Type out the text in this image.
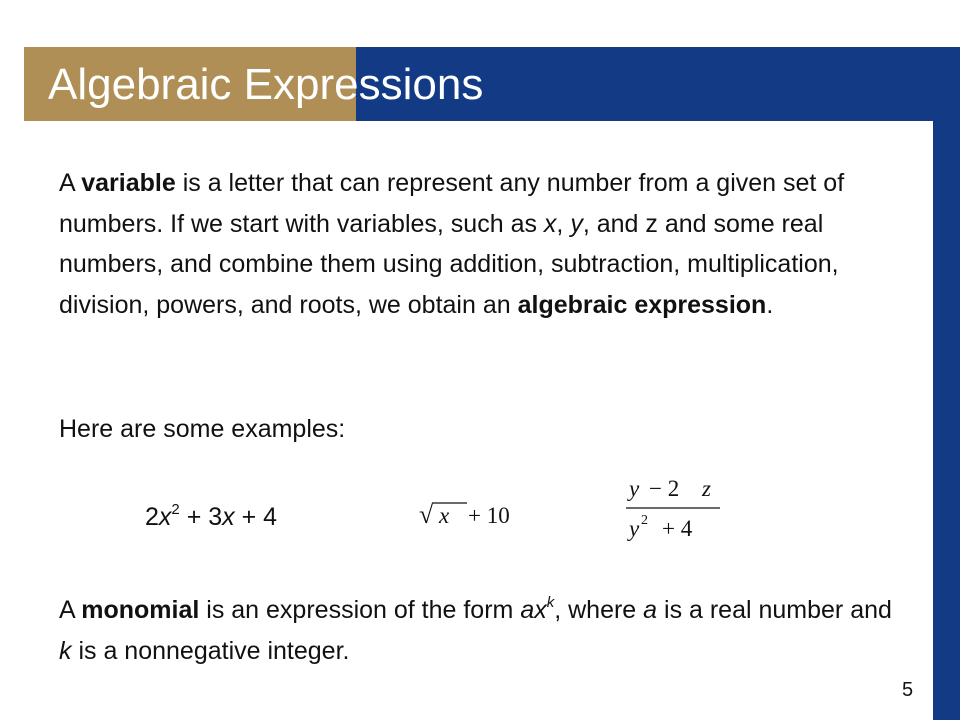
Algebraic Expressions

A variable is a letter that can represent any number from a given set of numbers. If we start with variables, such as x, y, and z and some real numbers, and combine them using addition, subtraction, multiplication, division, powers, and roots, we obtain an algebraic expression.

Here are some examples:

$2x^2 + 3x + 4$	√ x + 10
y − 2 z
y 2 + 4

A monomial is an expression of the form $ax^k$, where a is a real number and k is a nonnegative integer.

5
